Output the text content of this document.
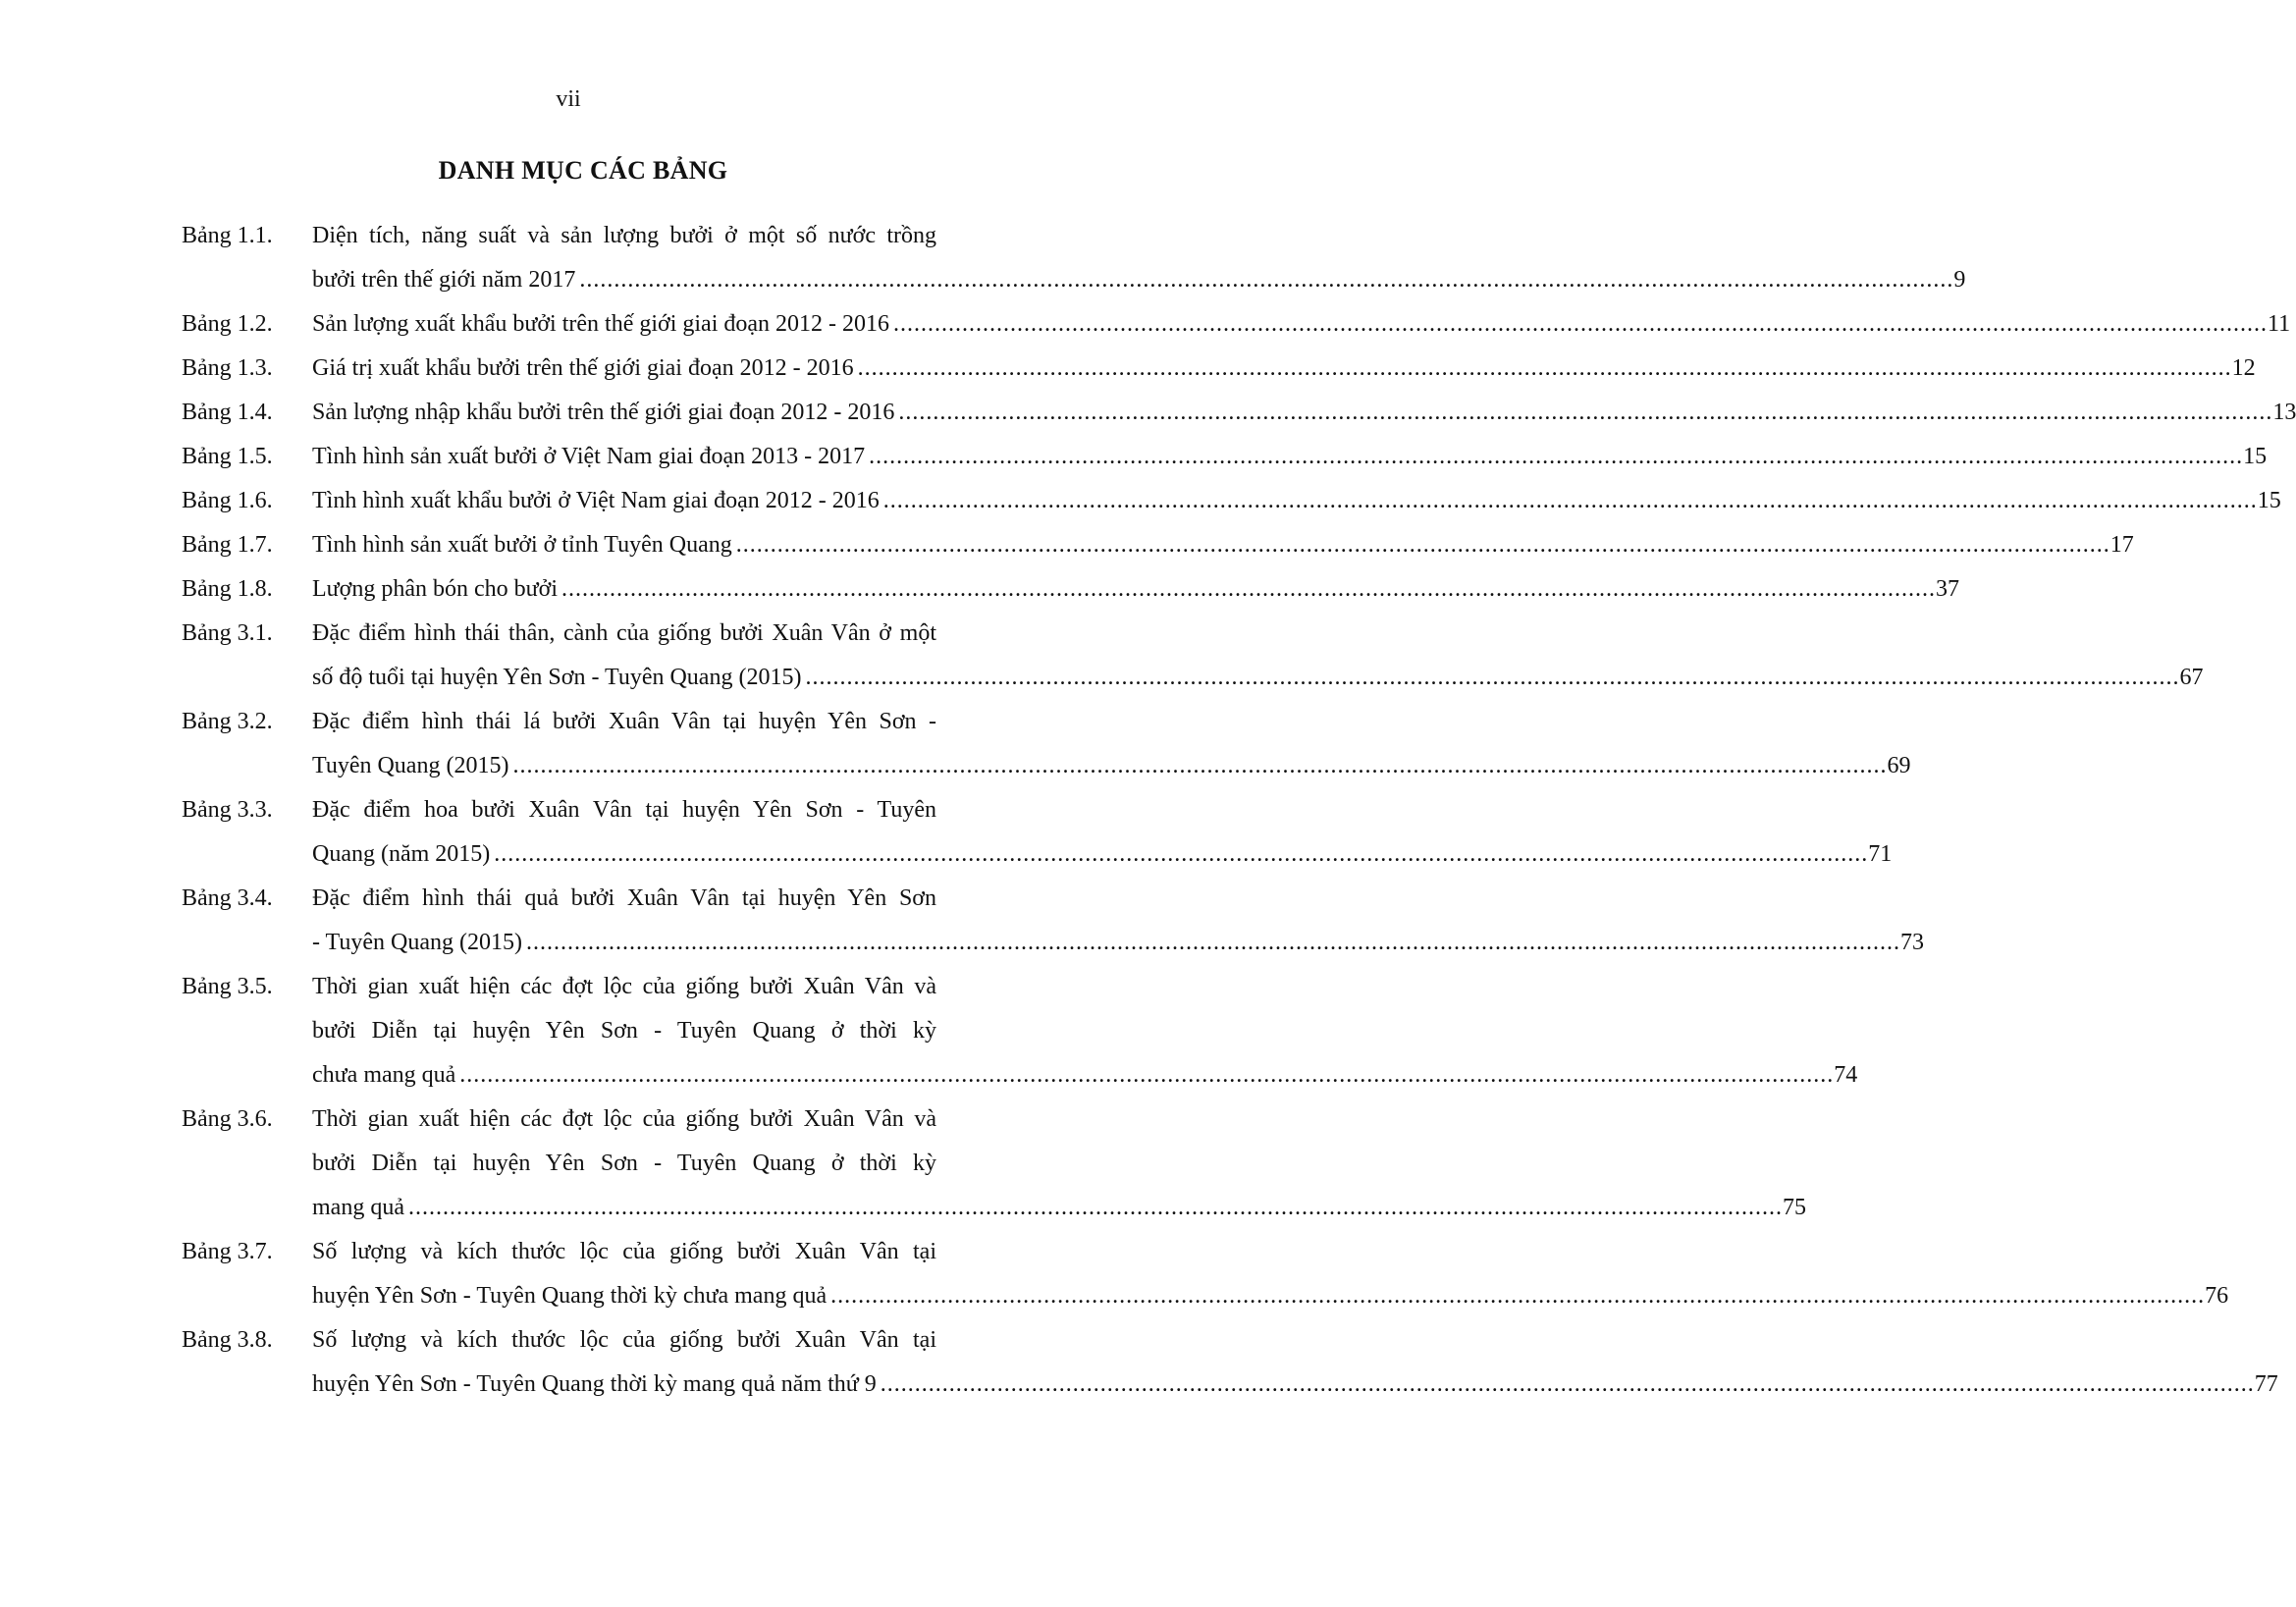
vii
DANH MỤC CÁC BẢNG
Bảng 1.1.	Diện tích, năng suất và sản lượng bưởi ở một số nước trồng
bưởi trên thế giới năm 2017 ........................................................................................................................................................................................................ 9
Bảng 1.2.	Sản lượng xuất khẩu bưởi trên thế giới giai đoạn 2012 - 2016 ........................................................................................................................................................................................................ 11
Bảng 1.3.	Giá trị xuất khẩu bưởi trên thế giới giai đoạn 2012 - 2016 ........................................................................................................................................................................................................ 12
Bảng 1.4.	Sản lượng nhập khẩu bưởi trên thế giới giai đoạn 2012 - 2016 ........................................................................................................................................................................................................ 13
Bảng 1.5.	Tình hình sản xuất bưởi ở Việt Nam giai đoạn 2013 - 2017 ........................................................................................................................................................................................................ 15
Bảng 1.6.	Tình hình xuất khẩu bưởi ở Việt Nam giai đoạn 2012 - 2016 ........................................................................................................................................................................................................ 15
Bảng 1.7.	Tình hình sản xuất bưởi ở tỉnh Tuyên Quang ........................................................................................................................................................................................................ 17
Bảng 1.8.	Lượng phân bón cho bưởi ........................................................................................................................................................................................................ 37
Bảng 3.1.	Đặc điểm hình thái thân, cành của giống bưởi Xuân Vân ở một
số độ tuổi tại huyện Yên Sơn - Tuyên Quang (2015) ........................................................................................................................................................................................................ 67
Bảng 3.2.	Đặc điểm hình thái lá bưởi Xuân Vân tại huyện Yên Sơn -
Tuyên Quang (2015) ........................................................................................................................................................................................................ 69
Bảng 3.3.	Đặc điểm hoa bưởi Xuân Vân tại huyện Yên Sơn - Tuyên
Quang (năm 2015) ........................................................................................................................................................................................................ 71
Bảng 3.4.	Đặc điểm hình thái quả bưởi Xuân Vân tại huyện Yên Sơn
- Tuyên Quang (2015) ........................................................................................................................................................................................................ 73
Bảng 3.5.	Thời gian xuất hiện các đợt lộc của giống bưởi Xuân Vân và
bưởi Diễn tại huyện Yên Sơn - Tuyên Quang ở thời kỳ
chưa mang quả ........................................................................................................................................................................................................ 74
Bảng 3.6.	Thời gian xuất hiện các đợt lộc của giống bưởi Xuân Vân và
bưởi Diễn tại huyện Yên Sơn - Tuyên Quang ở thời kỳ
mang quả ........................................................................................................................................................................................................ 75
Bảng 3.7.	Số lượng và kích thước lộc của giống bưởi Xuân Vân tại
huyện Yên Sơn - Tuyên Quang thời kỳ chưa mang quả ........................................................................................................................................................................................................ 76
Bảng 3.8.	Số lượng và kích thước lộc của giống bưởi Xuân Vân tại
huyện Yên Sơn - Tuyên Quang thời kỳ mang quả năm thứ 9 ........................................................................................................................................................................................................ 77
